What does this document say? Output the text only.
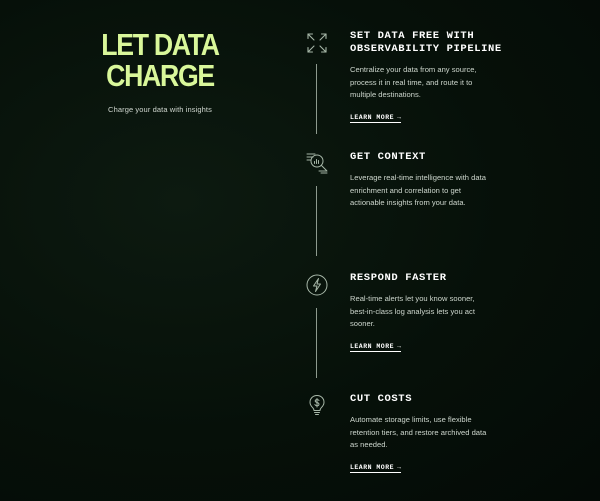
LET DATA
CHARGE
Charge your data with insights
SET DATA FREE WITH
OBSERVABILITY PIPELINE
Centralize your data from any source,
process it in real time, and route it to
multiple destinations.
LEARN MORE →
GET CONTEXT
Leverage real-time intelligence with data
enrichment and correlation to get
actionable insights from your data.
RESPOND FASTER
Real-time alerts let you know sooner,
best-in-class log analysis lets you act
sooner.
LEARN MORE →
CUT COSTS
Automate storage limits, use flexible
retention tiers, and restore archived data
as needed.
LEARN MORE →
